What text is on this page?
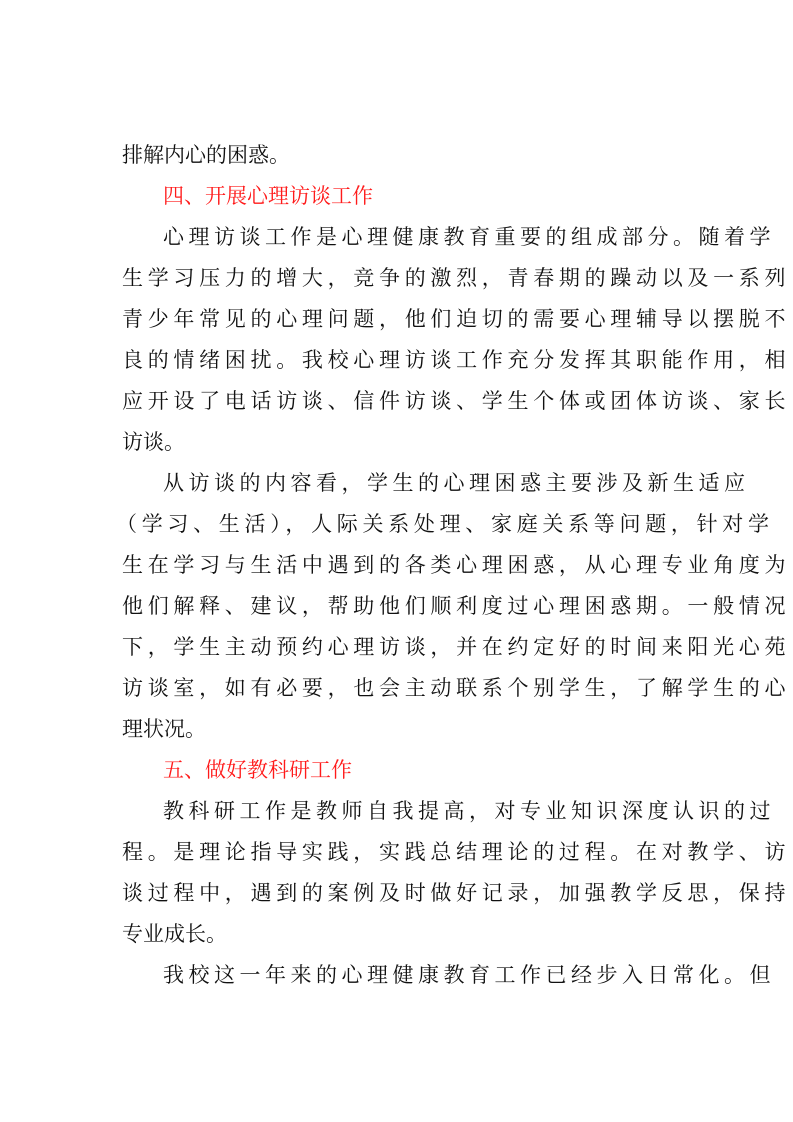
排解内心的困惑。
四、开展心理访谈工作
心理访谈工作是心理健康教育重要的组成部分。随着学
生学习压力的增大，竞争的激烈，青春期的躁动以及一系列
青少年常见的心理问题，他们迫切的需要心理辅导以摆脱不
良的情绪困扰。我校心理访谈工作充分发挥其职能作用，相
应开设了电话访谈、信件访谈、学生个体或团体访谈、家长
访谈。
从访谈的内容看，学生的心理困惑主要涉及新生适应
（学习、生活），人际关系处理、家庭关系等问题，针对学
生在学习与生活中遇到的各类心理困惑，从心理专业角度为
他们解释、建议，帮助他们顺利度过心理困惑期。一般情况
下，学生主动预约心理访谈，并在约定好的时间来阳光心苑
访谈室，如有必要，也会主动联系个别学生，了解学生的心
理状况。
五、做好教科研工作
教科研工作是教师自我提高，对专业知识深度认识的过
程。是理论指导实践，实践总结理论的过程。在对教学、访
谈过程中，遇到的案例及时做好记录，加强教学反思，保持
专业成长。
我校这一年来的心理健康教育工作已经步入日常化。但
